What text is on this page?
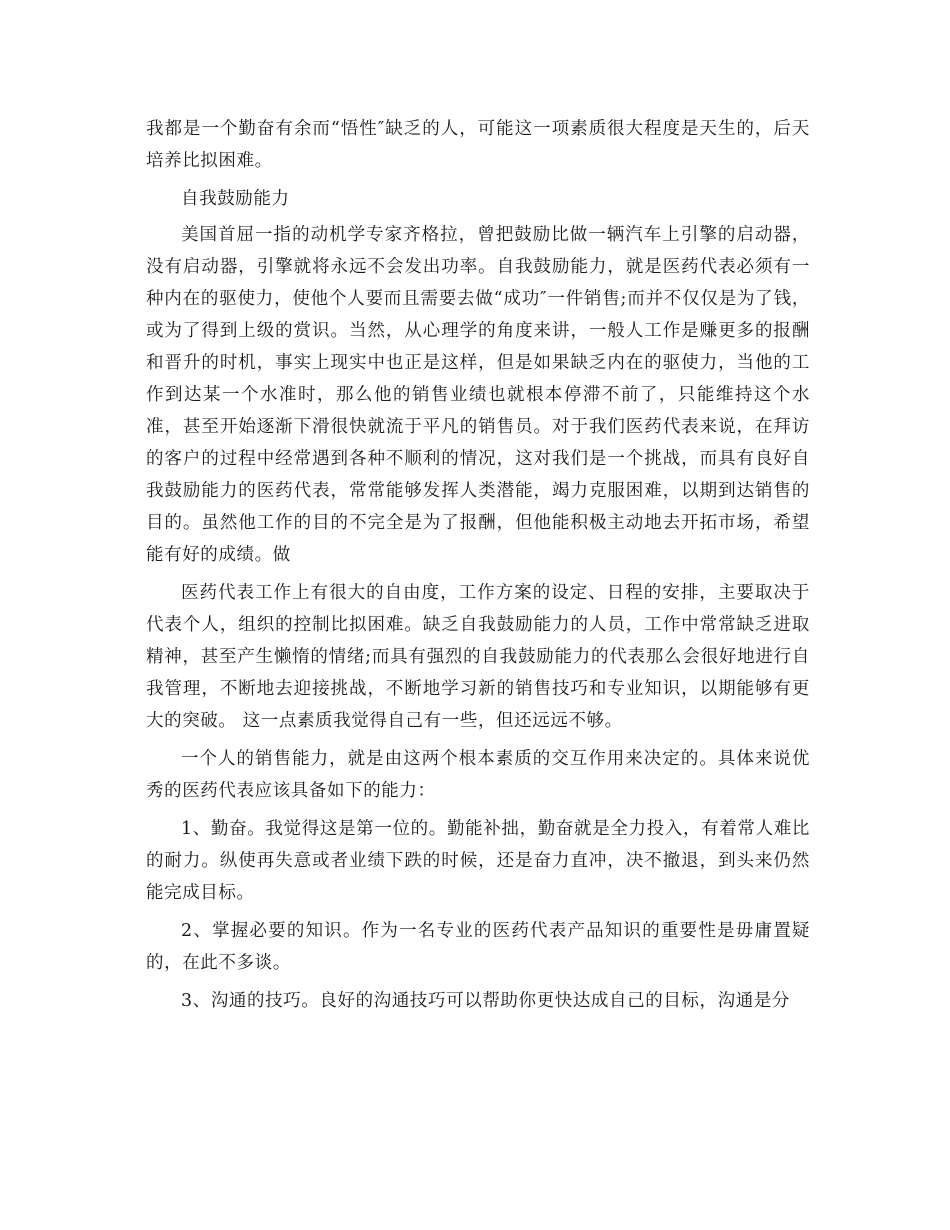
我都是一个勤奋有余而“悟性″缺乏的人，可能这一项素质很大程度是天生的，后天培养比拟困难。

自我鼓励能力

美国首屈一指的动机学专家齐格拉，曾把鼓励比做一辆汽车上引擎的启动器，没有启动器，引擎就将永远不会发出功率。自我鼓励能力，就是医药代表必须有一种内在的驱使力，使他个人要而且需要去做“成功″一件销售;而并不仅仅是为了钱，或为了得到上级的赏识。当然，从心理学的角度来讲，一般人工作是赚更多的报酬和晋升的时机，事实上现实中也正是这样，但是如果缺乏内在的驱使力，当他的工作到达某一个水准时，那么他的销售业绩也就根本停滞不前了，只能维持这个水准，甚至开始逐渐下滑很快就流于平凡的销售员。对于我们医药代表来说，在拜访的客户的过程中经常遇到各种不顺利的情况，这对我们是一个挑战，而具有良好自我鼓励能力的医药代表，常常能够发挥人类潜能，竭力克服困难，以期到达销售的目的。虽然他工作的目的不完全是为了报酬，但他能积极主动地去开拓市场，希望能有好的成绩。做

医药代表工作上有很大的自由度，工作方案的设定、日程的安排，主要取决于代表个人，组织的控制比拟困难。缺乏自我鼓励能力的人员，工作中常常缺乏进取精神，甚至产生懒惰的情绪;而具有强烈的自我鼓励能力的代表那么会很好地进行自我管理，不断地去迎接挑战，不断地学习新的销售技巧和专业知识，以期能够有更大的突破。 这一点素质我觉得自己有一些，但还远远不够。

一个人的销售能力，就是由这两个根本素质的交互作用来决定的。具体来说优秀的医药代表应该具备如下的能力：

1、勤奋。我觉得这是第一位的。勤能补拙，勤奋就是全力投入，有着常人难比的耐力。纵使再失意或者业绩下跌的时候，还是奋力直冲，决不撤退，到头来仍然能完成目标。

2、掌握必要的知识。作为一名专业的医药代表产品知识的重要性是毋庸置疑的，在此不多谈。

3、沟通的技巧。良好的沟通技巧可以帮助你更快达成自己的目标，沟通是分
